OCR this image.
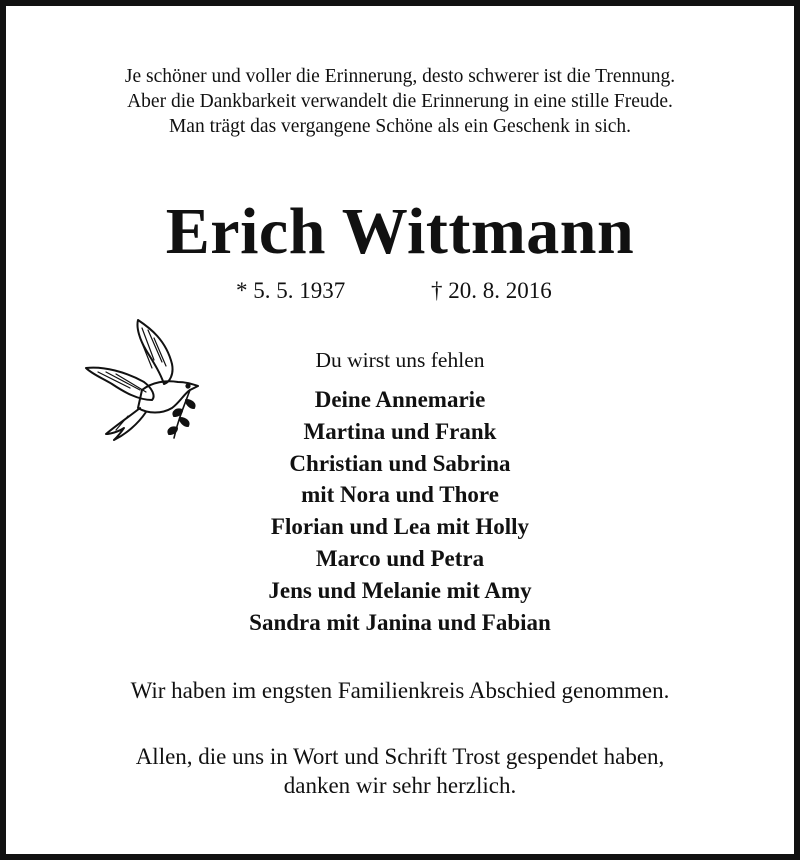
Je schöner und voller die Erinnerung, desto schwerer ist die Trennung.
Aber die Dankbarkeit verwandelt die Erinnerung in eine stille Freude.
Man trägt das vergangene Schöne als ein Geschenk in sich.
Erich Wittmann
* 5. 5. 1937	† 20. 8. 2016
Du wirst uns fehlen
Deine Annemarie
Martina und Frank
Christian und Sabrina
mit Nora und Thore
Florian und Lea mit Holly
Marco und Petra
Jens und Melanie mit Amy
Sandra mit Janina und Fabian
Wir haben im engsten Familienkreis Abschied genommen.
Allen, die uns in Wort und Schrift Trost gespendet haben,
danken wir sehr herzlich.
